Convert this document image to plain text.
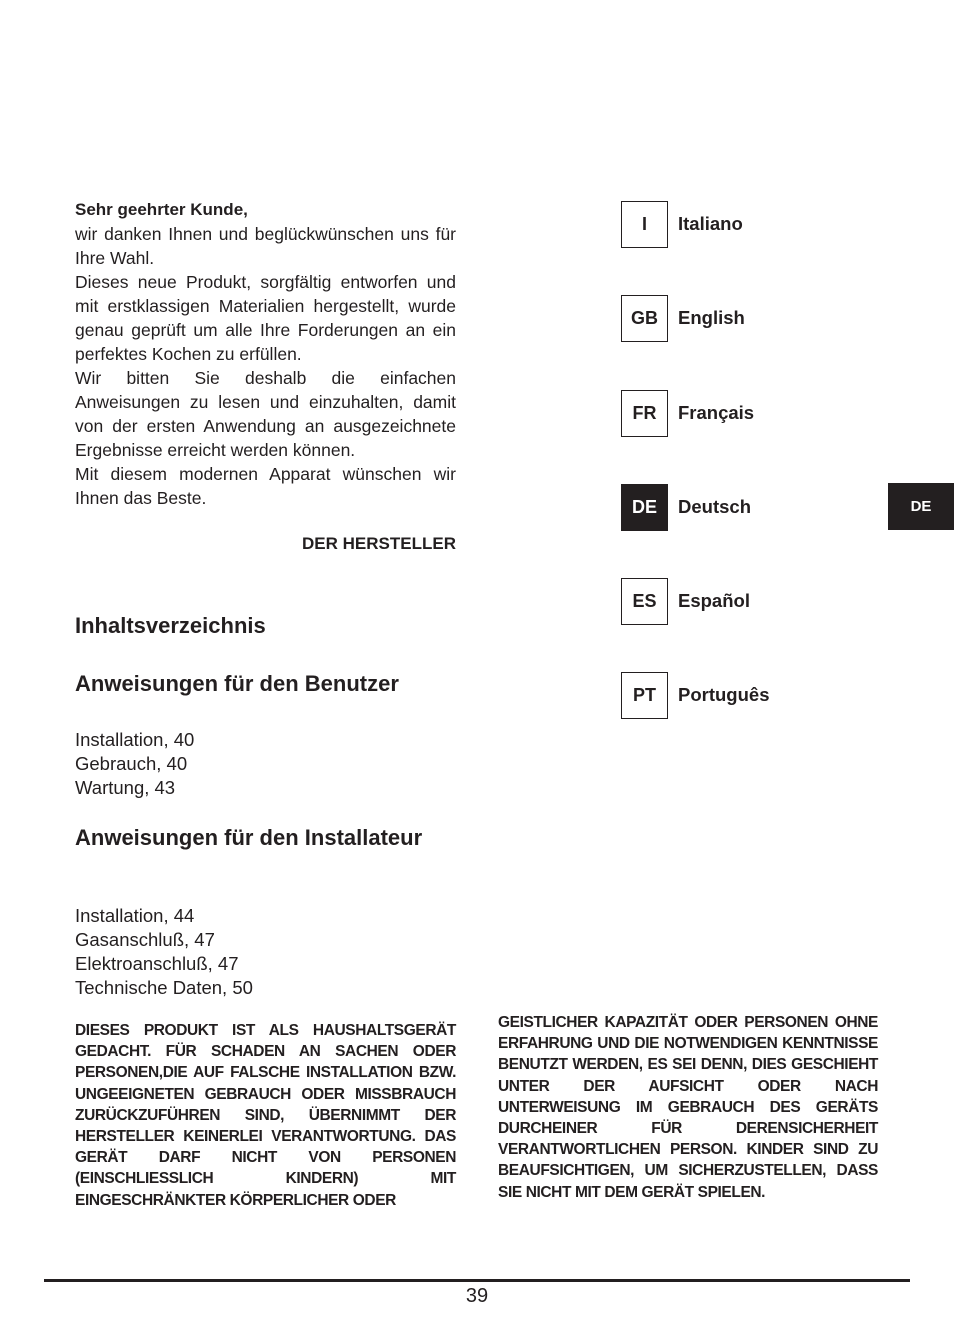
Sehr geehrter Kunde,

wir danken Ihnen und beglückwünschen uns für Ihre Wahl.

Dieses neue Produkt, sorgfältig entworfen und mit erstklassigen Materialien hergestellt, wurde genau geprüft um alle Ihre Forderungen an ein perfektes Kochen zu erfüllen.

Wir bitten Sie deshalb die einfachen Anweisungen zu lesen und einzuhalten, damit von der ersten Anwendung an ausgezeichnete Ergebnisse erreicht werden können.

Mit diesem modernen Apparat wünschen wir Ihnen das Beste.

DER HERSTELLER
Inhaltsverzeichnis
Anweisungen für den Benutzer
Installation, 40
Gebrauch, 40
Wartung, 43
Anweisungen für den Installateur
Installation, 44
Gasanschluß, 47
Elektroanschluß, 47
Technische Daten, 50

DIESES PRODUKT IST ALS HAUSHALTSGERÄT GEDACHT. FÜR SCHADEN AN SACHEN ODER PERSONEN,DIE AUF FALSCHE INSTALLATION BZW. UNGEEIGNETEN GEBRAUCH ODER MISSBRAUCH ZURÜCKZUFÜHREN SIND, ÜBERNIMMT DER HERSTELLER KEINERLEI VERANTWORTUNG. DAS GERÄT DARF NICHT VON PERSONEN (EINSCHLIESSLICH KINDERN) MIT EINGESCHRÄNKTER KÖRPERLICHER ODER

GEISTLICHER KAPAZITÄT ODER PERSONEN OHNE ERFAHRUNG UND DIE NOTWENDIGEN KENNTNISSE BENUTZT WERDEN, ES SEI DENN, DIES GESCHIEHT UNTER DER AUFSICHT ODER NACH UNTERWEISUNG IM GEBRAUCH DES GERÄTS DURCHEINER FÜR DERENSICHERHEIT VERANTWORTLICHEN PERSON. KINDER SIND ZU BEAUFSICHTIGEN, UM SICHERZUSTELLEN, DASS SIE NICHT MIT DEM GERÄT SPIELEN.

I	Italiano
GB	English
FR	Français
DE	Deutsch
ES	Español
PT	Português
DE
39
